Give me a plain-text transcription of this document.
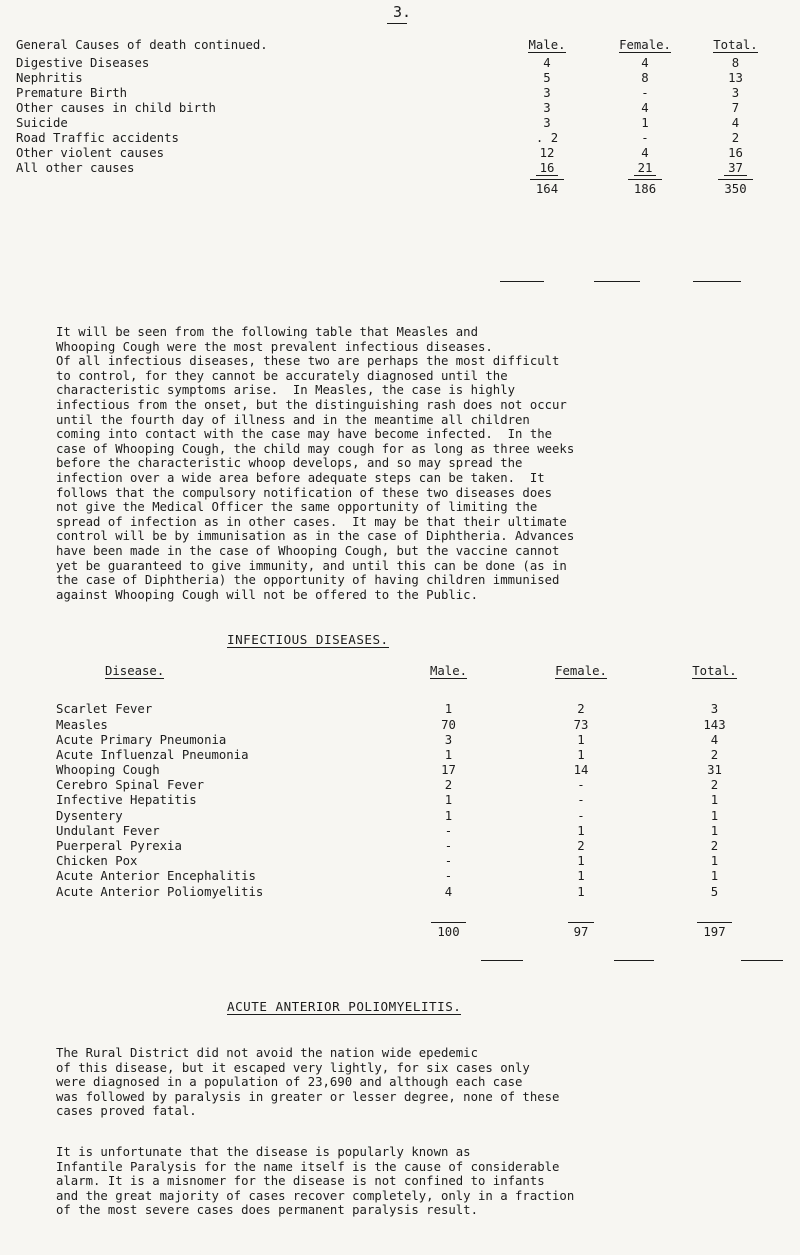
3.
General Causes of death continued.	Male.	Female.	Total.
Digestive Diseases	4	4	8
Nephritis	5	8	13
Premature Birth	3	-	3
Other causes in child birth	3	4	7
Suicide	3	1	4
Road Traffic accidents	. 2	-	2
Other violent causes	12	4	16
All other causes	16	21	37
	164	186	350
It will be seen from the following table that Measles and
Whooping Cough were the most prevalent infectious diseases.
Of all infectious diseases, these two are perhaps the most difficult
to control, for they cannot be accurately diagnosed until the
characteristic symptoms arise.  In Measles, the case is highly
infectious from the onset, but the distinguishing rash does not occur
until the fourth day of illness and in the meantime all children
coming into contact with the case may have become infected.  In the
case of Whooping Cough, the child may cough for as long as three weeks
before the characteristic whoop develops, and so may spread the
infection over a wide area before adequate steps can be taken.  It
follows that the compulsory notification of these two diseases does
not give the Medical Officer the same opportunity of limiting the
spread of infection as in other cases.  It may be that their ultimate
control will be by immunisation as in the case of Diphtheria. Advances
have been made in the case of Whooping Cough, but the vaccine cannot
yet be guaranteed to give immunity, and until this can be done (as in
the case of Diphtheria) the opportunity of having children immunised
against Whooping Cough will not be offered to the Public.
INFECTIOUS DISEASES.
Disease.	Male.	Female.	Total.
Scarlet Fever	1	2	3
Measles	70	73	143
Acute Primary Pneumonia	3	1	4
Acute Influenzal Pneumonia	1	1	2
Whooping Cough	17	14	31
Cerebro Spinal Fever	2	-	2
Infective Hepatitis	1	-	1
Dysentery	1	-	1
Undulant Fever	-	1	1
Puerperal Pyrexia	-	2	2
Chicken Pox	-	1	1
Acute Anterior Encephalitis	-	1	1
Acute Anterior Poliomyelitis	4	1	5
	100	97	197
ACUTE ANTERIOR POLIOMYELITIS.
The Rural District did not avoid the nation wide epedemic
of this disease, but it escaped very lightly, for six cases only
were diagnosed in a population of 23,690 and although each case
was followed by paralysis in greater or lesser degree, none of these
cases proved fatal.
It is unfortunate that the disease is popularly known as
Infantile Paralysis for the name itself is the cause of considerable
alarm. It is a misnomer for the disease is not confined to infants
and the great majority of cases recover completely, only in a fraction
of the most severe cases does permanent paralysis result.
